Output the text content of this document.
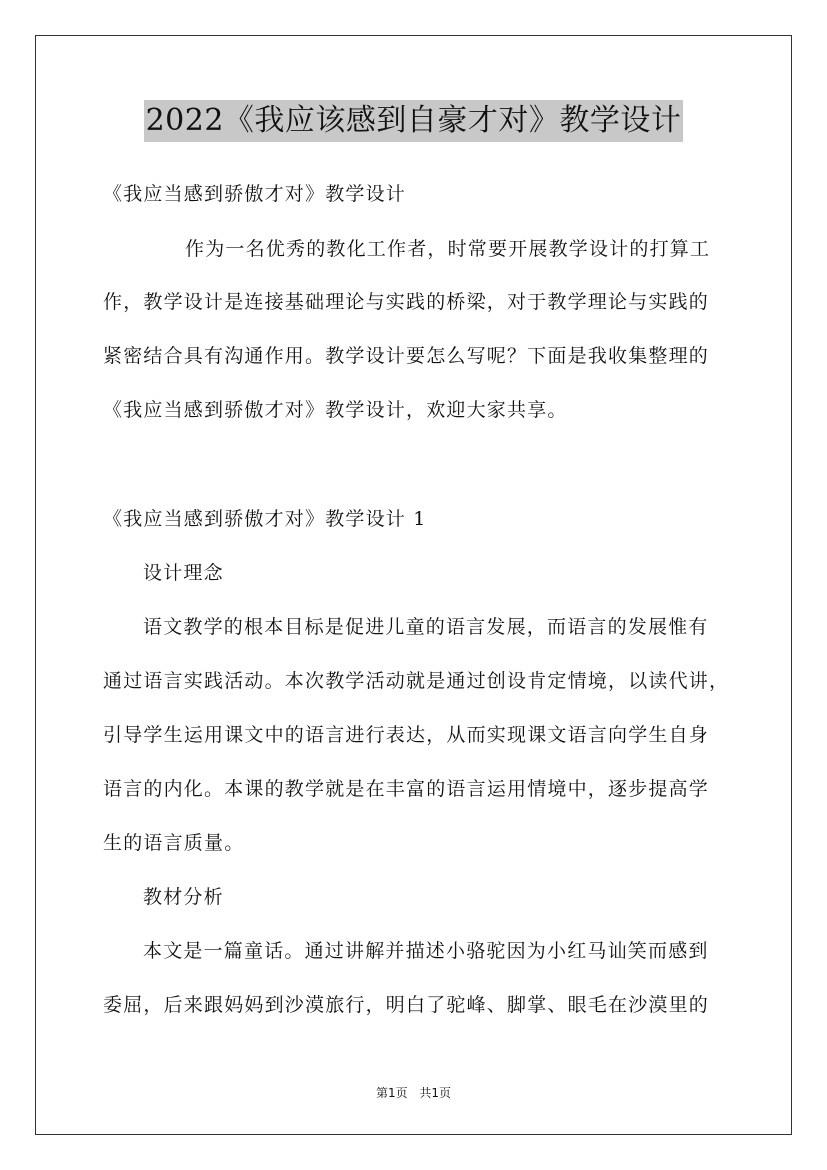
2022《我应该感到自豪才对》教学设计
《我应当感到骄傲才对》教学设计
作为一名优秀的教化工作者，时常要开展教学设计的打算工
作，教学设计是连接基础理论与实践的桥梁，对于教学理论与实践的
紧密结合具有沟通作用。教学设计要怎么写呢？下面是我收集整理的
《我应当感到骄傲才对》教学设计，欢迎大家共享。
《我应当感到骄傲才对》教学设计 1
设计理念
语文教学的根本目标是促进儿童的语言发展，而语言的发展惟有
通过语言实践活动。本次教学活动就是通过创设肯定情境，以读代讲，
引导学生运用课文中的语言进行表达，从而实现课文语言向学生自身
语言的内化。本课的教学就是在丰富的语言运用情境中，逐步提高学
生的语言质量。
教材分析
本文是一篇童话。通过讲解并描述小骆驼因为小红马讪笑而感到
委屈，后来跟妈妈到沙漠旅行，明白了驼峰、脚掌、眼毛在沙漠里的
第1页 共1页
